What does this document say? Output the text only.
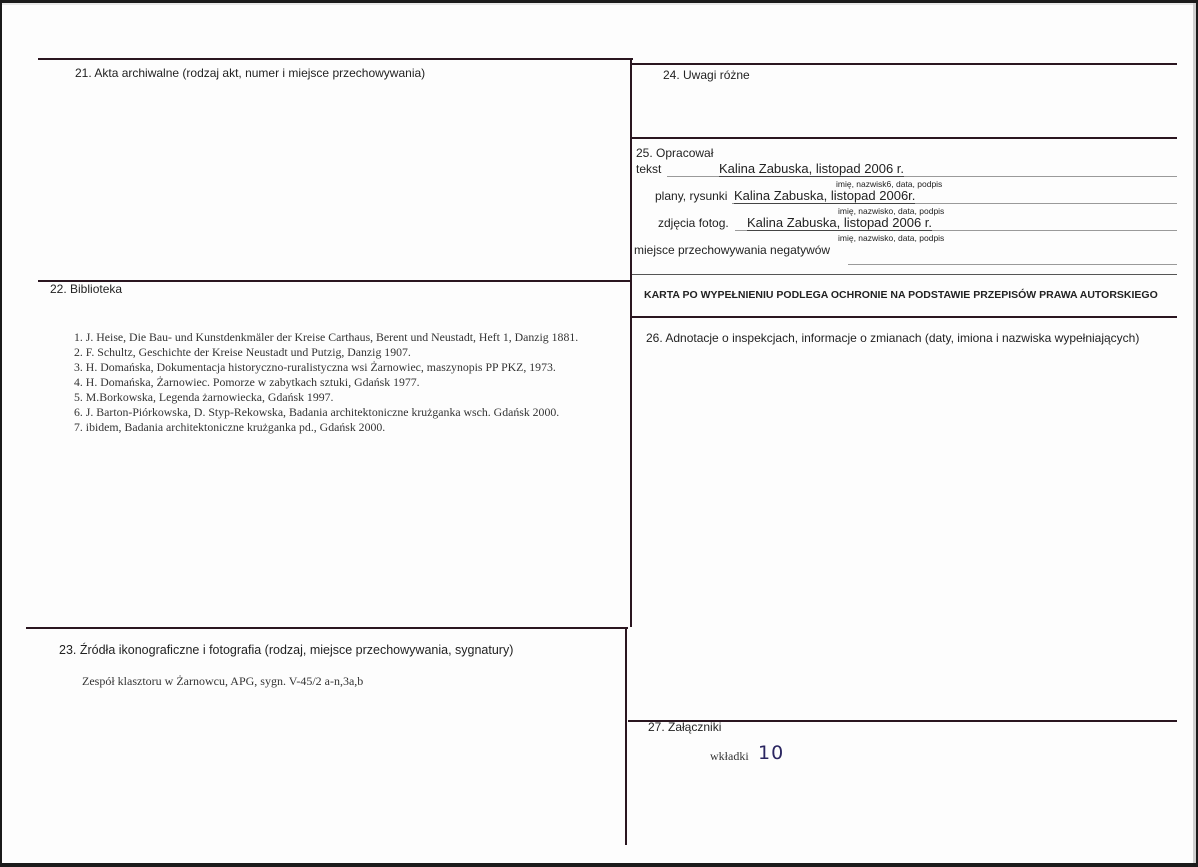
21. Akta archiwalne (rodzaj akt, numer i miejsce przechowywania)
22. Biblioteka
1. J. Heise, Die Bau- und Kunstdenkmäler der Kreise Carthaus, Berent und Neustadt, Heft 1, Danzig 1881.
2. F. Schultz, Geschichte der Kreise Neustadt und Putzig, Danzig 1907.
3. H. Domańska, Dokumentacja historyczno-ruralistyczna wsi Żarnowiec, maszynopis PP PKZ, 1973.
4. H. Domańska, Żarnowiec. Pomorze w zabytkach sztuki, Gdańsk 1977.
5. M.Borkowska, Legenda żarnowiecka, Gdańsk 1997.
6. J. Barton-Piórkowska, D. Styp-Rekowska, Badania architektoniczne krużganka wsch. Gdańsk 2000.
7. ibidem, Badania architektoniczne krużganka pd., Gdańsk 2000.
23. Źródła ikonograficzne i fotografia (rodzaj, miejsce przechowywania, sygnatury)
Zespół klasztoru w Żarnowcu, APG, sygn. V-45/2 a-n,3a,b
24. Uwagi różne
25. Opracował
tekst	Kalina Zabuska, listopad 2006 r.
imię, nazwisk6, data, podpis
plany, rysunki Kalina Zabuska, listopad 2006r.
imię, nazwisko, data, podpis
zdjęcia fotog. Kalina Zabuska, listopad 2006 r.
imię, nazwisko, data, podpis
miejsce przechowywania negatywów
KARTA PO WYPEŁNIENIU PODLEGA OCHRONIE NA PODSTAWIE PRZEPISÓW PRAWA AUTORSKIEGO
26. Adnotacje o inspekcjach, informacje o zmianach (daty, imiona i nazwiska wypełniających)
27. Załączniki
wkładki 10
